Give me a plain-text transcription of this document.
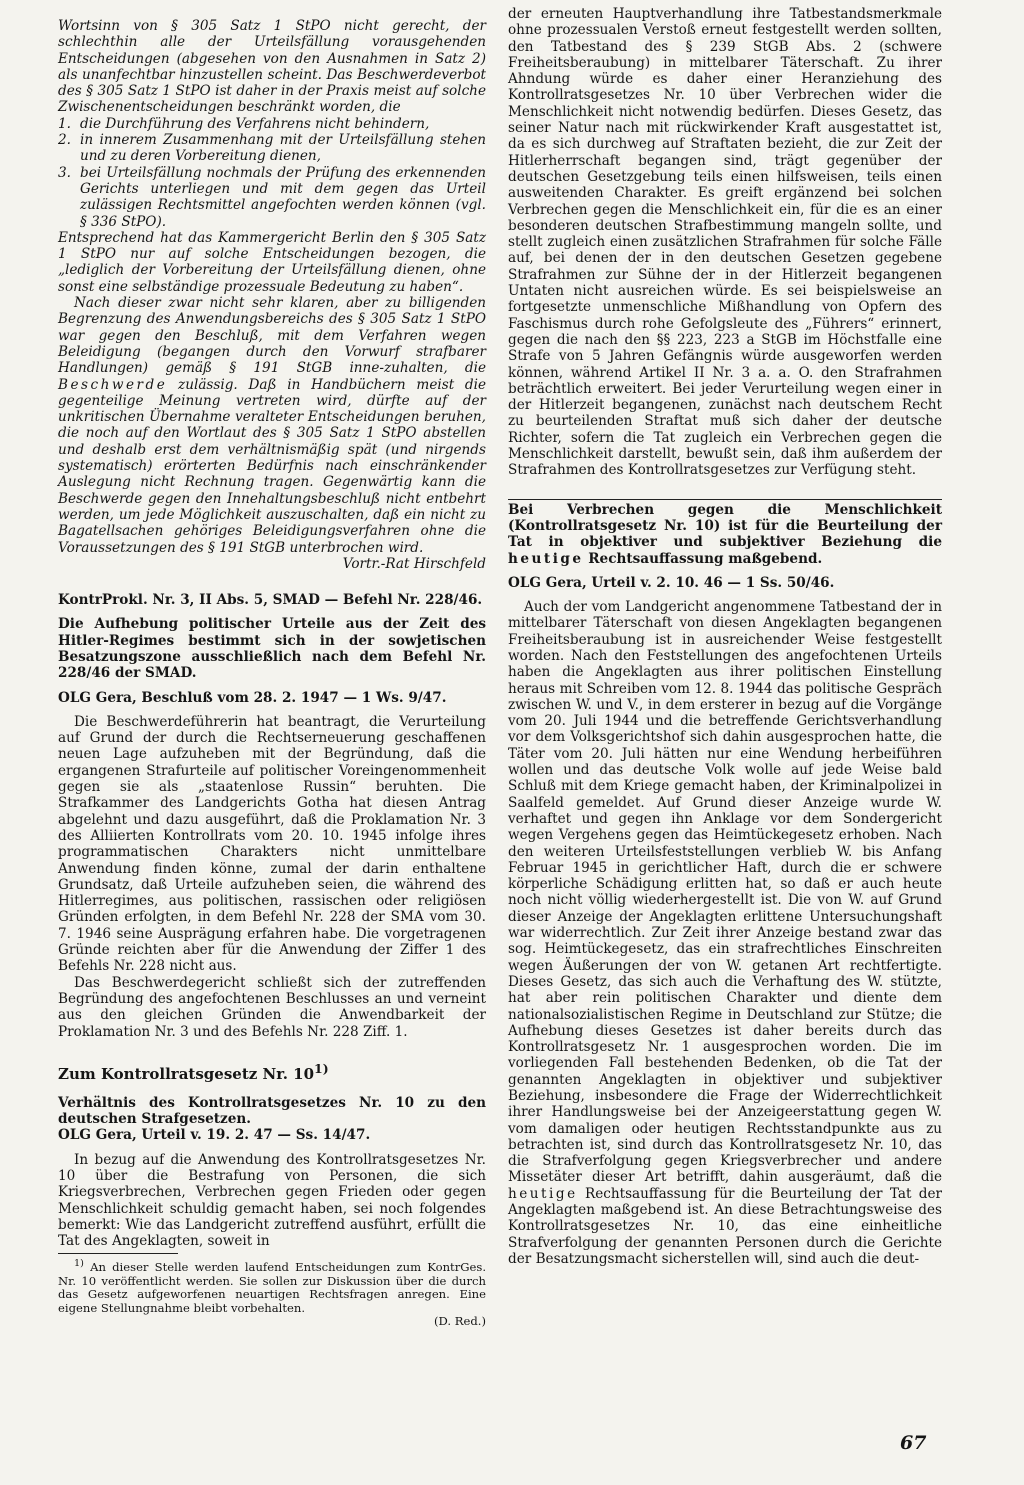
Wortsinn von § 305 Satz 1 StPO nicht gerecht, der schlechthin alle der Urteilsfällung vorausgehenden Entscheidungen (abgesehen von den Ausnahmen in Satz 2) als unanfechtbar hinzustellen scheint. Das Beschwerdeverbot des § 305 Satz 1 StPO ist daher in der Praxis meist auf solche Zwischenentscheidungen beschränkt worden, die

1. die Durchführung des Verfahrens nicht behindern,
2. in innerem Zusammenhang mit der Urteilsfällung stehen und zu deren Vorbereitung dienen,
3. bei Urteilsfällung nochmals der Prüfung des erkennenden Gerichts unterliegen und mit dem gegen das Urteil zulässigen Rechtsmittel angefochten werden können (vgl. § 336 StPO).

Entsprechend hat das Kammergericht Berlin den § 305 Satz 1 StPO nur auf solche Entscheidungen bezogen, die „lediglich der Vorbereitung der Urteilsfällung dienen, ohne sonst eine selbständige prozessuale Bedeutung zu haben“.

Nach dieser zwar nicht sehr klaren, aber zu billigenden Begrenzung des Anwendungsbereichs des § 305 Satz 1 StPO war gegen den Beschluß, mit dem Verfahren wegen Beleidigung (begangen durch den Vorwurf strafbarer Handlungen) gemäß § 191 StGB inne-zuhalten, die Beschwerde zulässig. Daß in Handbüchern meist die gegenteilige Meinung vertreten wird, dürfte auf der unkritischen Übernahme veralteter Entscheidungen beruhen, die noch auf den Wortlaut des § 305 Satz 1 StPO abstellen und deshalb erst dem verhältnismäßig spät (und nirgends systematisch) erörterten Bedürfnis nach einschränkender Auslegung nicht Rechnung tragen. Gegenwärtig kann die Beschwerde gegen den Innehaltungsbeschluß nicht entbehrt werden, um jede Möglichkeit auszuschalten, daß ein nicht zu Bagatellsachen gehöriges Beleidigungsverfahren ohne die Voraussetzungen des § 191 StGB unterbrochen wird.

Vortr.-Rat Hirschfeld

KontrProkl. Nr. 3, II Abs. 5, SMAD — Befehl Nr. 228/46.

Die Aufhebung politischer Urteile aus der Zeit des Hitler-Regimes bestimmt sich in der sowjetischen Besatzungszone ausschließlich nach dem Befehl Nr. 228/46 der SMAD.

OLG Gera, Beschluß vom 28. 2. 1947 — 1 Ws. 9/47.

Die Beschwerdeführerin hat beantragt, die Verurteilung auf Grund der durch die Rechtserneuerung geschaffenen neuen Lage aufzuheben mit der Begründung, daß die ergangenen Strafurteile auf politischer Voreingenommenheit gegen sie als „staatenlose Russin“ beruhten. Die Strafkammer des Landgerichts Gotha hat diesen Antrag abgelehnt und dazu ausgeführt, daß die Proklamation Nr. 3 des Alliierten Kontrollrats vom 20. 10. 1945 infolge ihres programmatischen Charakters nicht unmittelbare Anwendung finden könne, zumal der darin enthaltene Grundsatz, daß Urteile aufzuheben seien, die während des Hitlerregimes, aus politischen, rassischen oder religiösen Gründen erfolgten, in dem Befehl Nr. 228 der SMA vom 30. 7. 1946 seine Ausprägung erfahren habe. Die vorgetragenen Gründe reichten aber für die Anwendung der Ziffer 1 des Befehls Nr. 228 nicht aus.

Das Beschwerdegericht schließt sich der zutreffenden Begründung des angefochtenen Beschlusses an und verneint aus den gleichen Gründen die Anwendbarkeit der Proklamation Nr. 3 und des Befehls Nr. 228 Ziff. 1.

Zum Kontrollratsgesetz Nr. 10$^{1)}$

Verhältnis des Kontrollratsgesetzes Nr. 10 zu den deutschen Strafgesetzen.

OLG Gera, Urteil v. 19. 2. 47 — Ss. 14/47.

In bezug auf die Anwendung des Kontrollratsgesetzes Nr. 10 über die Bestrafung von Personen, die sich Kriegsverbrechen, Verbrechen gegen Frieden oder gegen Menschlichkeit schuldig gemacht haben, sei noch folgendes bemerkt: Wie das Landgericht zutreffend ausführt, erfüllt die Tat des Angeklagten, soweit in

$^{1)}$ An dieser Stelle werden laufend Entscheidungen zum KontrGes. Nr. 10 veröffentlicht werden. Sie sollen zur Diskussion über die durch das Gesetz aufgeworfenen neuartigen Rechtsfragen anregen. Eine eigene Stellungnahme bleibt vorbehalten.

(D. Red.)

der erneuten Hauptverhandlung ihre Tatbestandsmerkmale ohne prozessualen Verstoß erneut festgestellt werden sollten, den Tatbestand des § 239 StGB Abs. 2 (schwere Freiheitsberaubung) in mittelbarer Täterschaft. Zu ihrer Ahndung würde es daher einer Heranziehung des Kontrollratsgesetzes Nr. 10 über Verbrechen wider die Menschlichkeit nicht notwendig bedürfen. Dieses Gesetz, das seiner Natur nach mit rückwirkender Kraft ausgestattet ist, da es sich durchweg auf Straftaten bezieht, die zur Zeit der Hitlerherrschaft begangen sind, trägt gegenüber der deutschen Gesetzgebung teils einen hilfsweisen, teils einen ausweitenden Charakter. Es greift ergänzend bei solchen Verbrechen gegen die Menschlichkeit ein, für die es an einer besonderen deutschen Strafbestimmung mangeln sollte, und stellt zugleich einen zusätzlichen Strafrahmen für solche Fälle auf, bei denen der in den deutschen Gesetzen gegebene Strafrahmen zur Sühne der in der Hitlerzeit begangenen Untaten nicht ausreichen würde. Es sei beispielsweise an fortgesetzte unmenschliche Mißhandlung von Opfern des Faschismus durch rohe Gefolgsleute des „Führers“ erinnert, gegen die nach den §§ 223, 223 a StGB im Höchstfalle eine Strafe von 5 Jahren Gefängnis würde ausgeworfen werden können, während Artikel II Nr. 3 a. a. O. den Strafrahmen beträchtlich erweitert. Bei jeder Verurteilung wegen einer in der Hitlerzeit begangenen, zunächst nach deutschem Recht zu beurteilenden Straftat muß sich daher der deutsche Richter, sofern die Tat zugleich ein Verbrechen gegen die Menschlichkeit darstellt, bewußt sein, daß ihm außerdem der Strafrahmen des Kontrollratsgesetzes zur Verfügung steht.

Bei Verbrechen gegen die Menschlichkeit (Kontrollratsgesetz Nr. 10) ist für die Beurteilung der Tat in objektiver und subjektiver Beziehung die heutige Rechtsauffassung maßgebend.

OLG Gera, Urteil v. 2. 10. 46 — 1 Ss. 50/46.

Auch der vom Landgericht angenommene Tatbestand der in mittelbarer Täterschaft von diesen Angeklagten begangenen Freiheitsberaubung ist in ausreichender Weise festgestellt worden. Nach den Feststellungen des angefochtenen Urteils haben die Angeklagten aus ihrer politischen Einstellung heraus mit Schreiben vom 12. 8. 1944 das politische Gespräch zwischen W. und V., in dem ersterer in bezug auf die Vorgänge vom 20. Juli 1944 und die betreffende Gerichtsverhandlung vor dem Volksgerichtshof sich dahin ausgesprochen hatte, die Täter vom 20. Juli hätten nur eine Wendung herbeiführen wollen und das deutsche Volk wolle auf jede Weise bald Schluß mit dem Kriege gemacht haben, der Kriminalpolizei in Saalfeld gemeldet. Auf Grund dieser Anzeige wurde W. verhaftet und gegen ihn Anklage vor dem Sondergericht wegen Vergehens gegen das Heimtückegesetz erhoben. Nach den weiteren Urteilsfeststellungen verblieb W. bis Anfang Februar 1945 in gerichtlicher Haft, durch die er schwere körperliche Schädigung erlitten hat, so daß er auch heute noch nicht völlig wiederhergestellt ist. Die von W. auf Grund dieser Anzeige der Angeklagten erlittene Untersuchungshaft war widerrechtlich. Zur Zeit ihrer Anzeige bestand zwar das sog. Heimtückegesetz, das ein strafrechtliches Einschreiten wegen Äußerungen der von W. getanen Art rechtfertigte. Dieses Gesetz, das sich auch die Verhaftung des W. stützte, hat aber rein politischen Charakter und diente dem nationalsozialistischen Regime in Deutschland zur Stütze; die Aufhebung dieses Gesetzes ist daher bereits durch das Kontrollratsgesetz Nr. 1 ausgesprochen worden. Die im vorliegenden Fall bestehenden Bedenken, ob die Tat der genannten Angeklagten in objektiver und subjektiver Beziehung, insbesondere die Frage der Widerrechtlichkeit ihrer Handlungsweise bei der Anzeigeerstattung gegen W. vom damaligen oder heutigen Rechtsstandpunkte aus zu betrachten ist, sind durch das Kontrollratsgesetz Nr. 10, das die Strafverfolgung gegen Kriegsverbrecher und andere Missetäter dieser Art betrifft, dahin ausgeräumt, daß die heutige Rechtsauffassung für die Beurteilung der Tat der Angeklagten maßgebend ist. An diese Betrachtungsweise des Kontrollratsgesetzes Nr. 10, das eine einheitliche Strafverfolgung der genannten Personen durch die Gerichte der Besatzungsmacht sicherstellen will, sind auch die deut-

67
